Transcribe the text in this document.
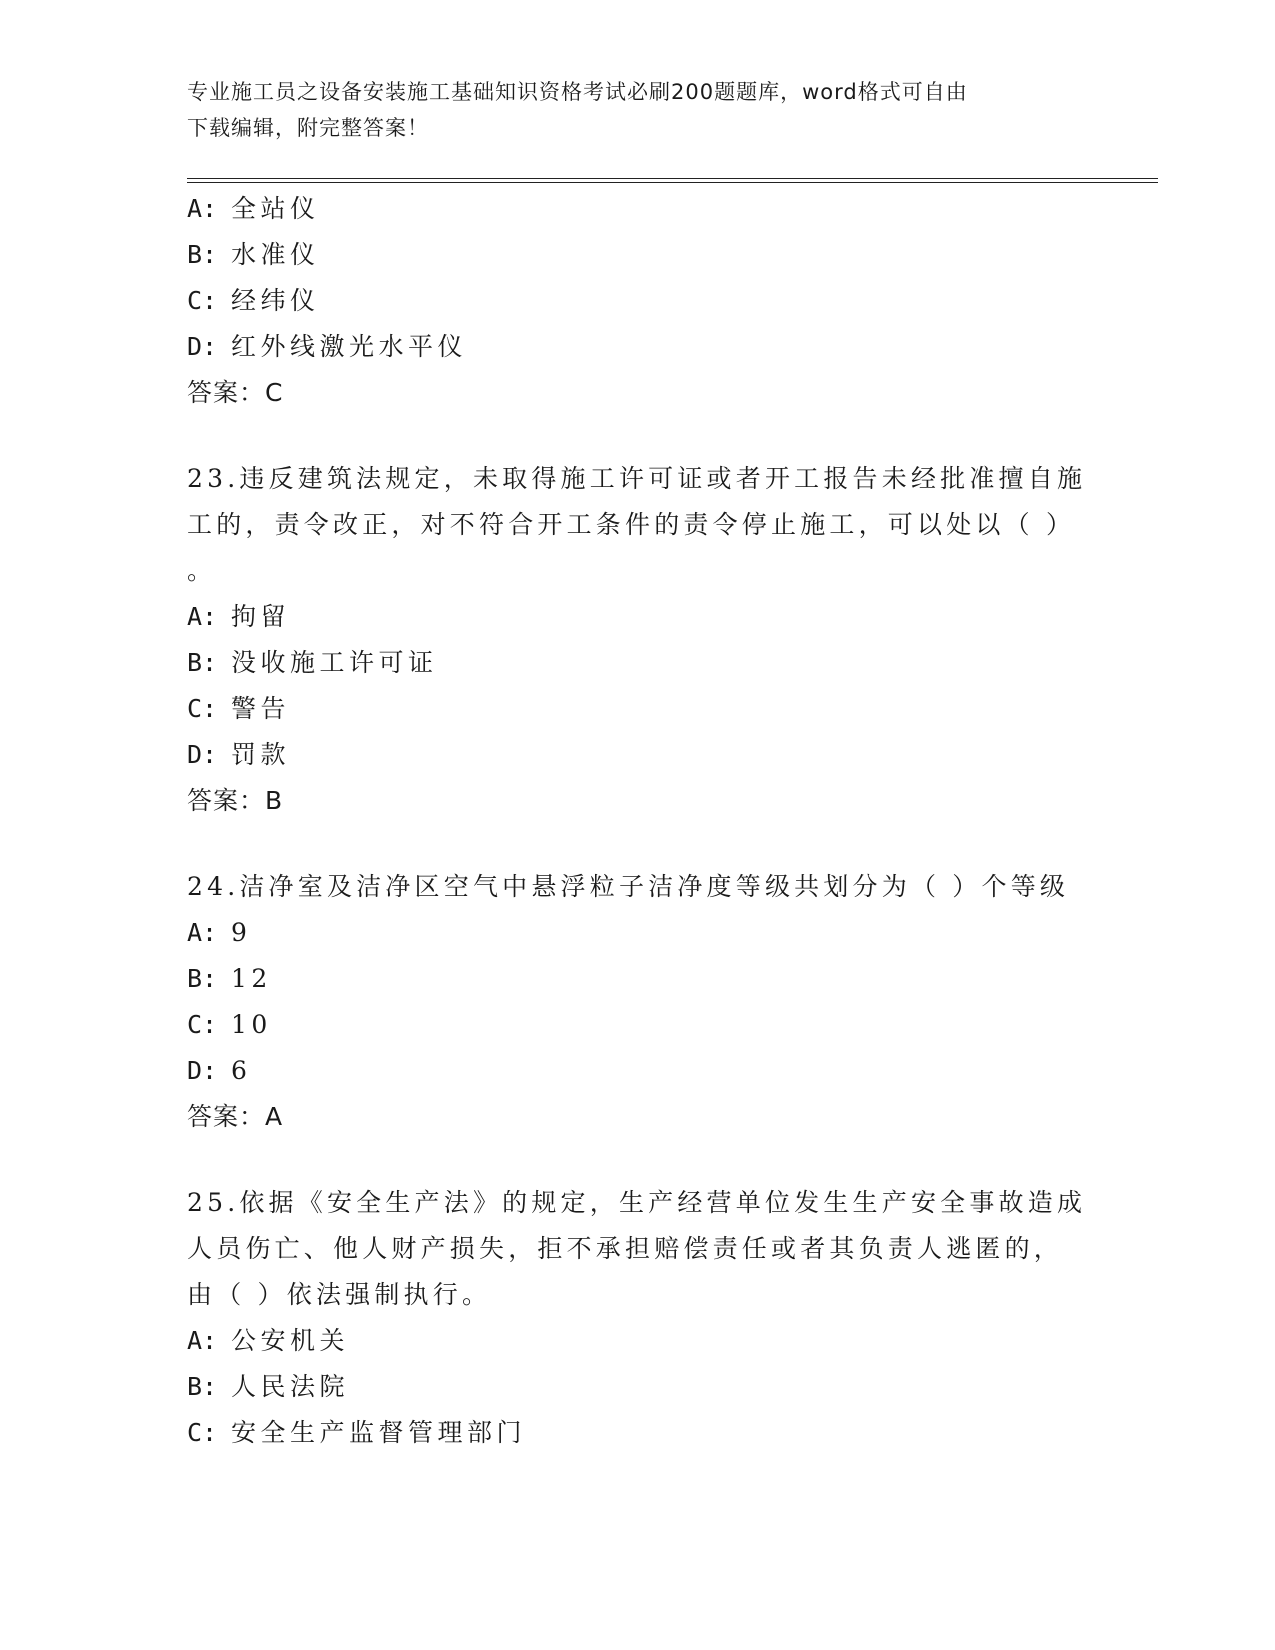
专业施工员之设备安装施工基础知识资格考试必刷200题题库，word格式可自由
下载编辑，附完整答案！
A: 全站仪
B: 水准仪
C: 经纬仪
D: 红外线激光水平仪
答案：C
23.违反建筑法规定，未取得施工许可证或者开工报告未经批准擅自施
工的，责令改正，对不符合开工条件的责令停止施工，可以处以（ ）
。
A: 拘留
B: 没收施工许可证
C: 警告
D: 罚款
答案：B
24.洁净室及洁净区空气中悬浮粒子洁净度等级共划分为（ ）个等级
A: 9
B: 12
C: 10
D: 6
答案：A
25.依据《安全生产法》的规定，生产经营单位发生生产安全事故造成
人员伤亡、他人财产损失，拒不承担赔偿责任或者其负责人逃匿的，
由（ ）依法强制执行。
A: 公安机关
B: 人民法院
C: 安全生产监督管理部门
